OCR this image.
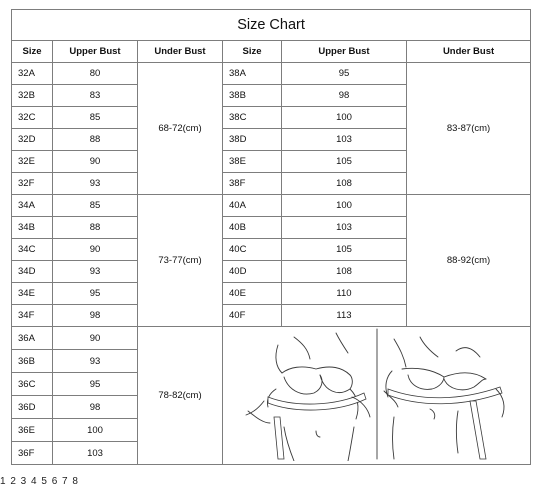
Size Chart					
Size	Upper Bust	Under Bust	Size	Upper Bust	Under Bust
32A	80	68-72(cm)	38A	95	83-87(cm)
32B	83		38B	98	
32C	85		38C	100	
32D	88		38D	103	
32E	90		38E	105	
32F	93		38F	108	
34A	85	73-77(cm)	40A	100	88-92(cm)
34B	88		40B	103	
34C	90		40C	105	
34D	93		40D	108	
34E	95		40E	110	
34F	98		40F	113	
36A	90	78-82(cm)	
36B	93				
36C	95				
36D	98				
36E	100				
36F	103				
1 2 3 4 5 6 7 8
